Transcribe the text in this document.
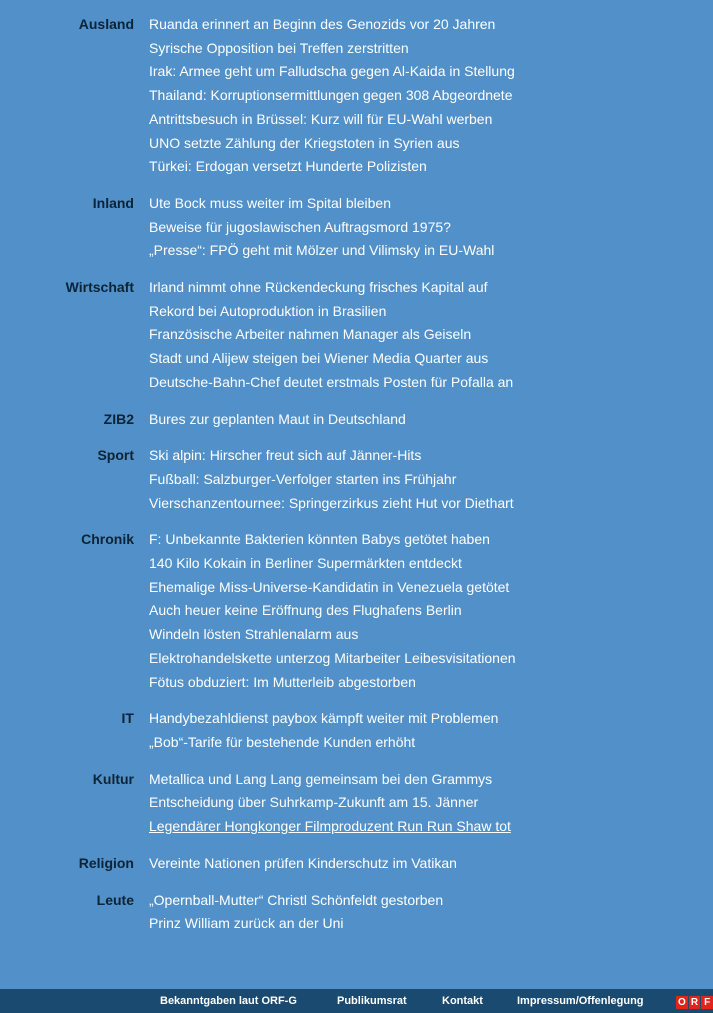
Ausland Ruanda erinnert an Beginn des Genozids vor 20 Jahren
Syrische Opposition bei Treffen zerstritten
Irak: Armee geht um Falludscha gegen Al-Kaida in Stellung
Thailand: Korruptionsermittlungen gegen 308 Abgeordnete
Antrittsbesuch in Brüssel: Kurz will für EU-Wahl werben
UNO setzte Zählung der Kriegstoten in Syrien aus
Türkei: Erdogan versetzt Hunderte Polizisten
Inland Ute Bock muss weiter im Spital bleiben
Beweise für jugoslawischen Auftragsmord 1975?
„Presse“: FPÖ geht mit Mölzer und Vilimsky in EU-Wahl
Wirtschaft Irland nimmt ohne Rückendeckung frisches Kapital auf
Rekord bei Autoproduktion in Brasilien
Französische Arbeiter nahmen Manager als Geiseln
Stadt und Alijew steigen bei Wiener Media Quarter aus
Deutsche-Bahn-Chef deutet erstmals Posten für Pofalla an
ZIB2 Bures zur geplanten Maut in Deutschland
Sport Ski alpin: Hirscher freut sich auf Jänner-Hits
Fußball: Salzburger-Verfolger starten ins Frühjahr
Vierschanzentournee: Springerzirkus zieht Hut vor Diethart
Chronik F: Unbekannte Bakterien könnten Babys getötet haben
140 Kilo Kokain in Berliner Supermärkten entdeckt
Ehemalige Miss-Universe-Kandidatin in Venezuela getötet
Auch heuer keine Eröffnung des Flughafens Berlin
Windeln lösten Strahlenalarm aus
Elektrohandelskette unterzog Mitarbeiter Leibesvisitationen
Fötus obduziert: Im Mutterleib abgestorben
IT Handybezahldienst paybox kämpft weiter mit Problemen
„Bob“-Tarife für bestehende Kunden erhöht
Kultur Metallica und Lang Lang gemeinsam bei den Grammys
Entscheidung über Suhrkamp-Zukunft am 15. Jänner
Legendärer Hongkonger Filmproduzent Run Run Shaw tot
Religion Vereinte Nationen prüfen Kinderschutz im Vatikan
Leute „Opernball-Mutter“ Christl Schönfeldt gestorben
Prinz William zurück an der Uni
Bekanntgaben laut ORF-G	Publikumsrat	Kontakt	Impressum/Offenlegung	O R F
